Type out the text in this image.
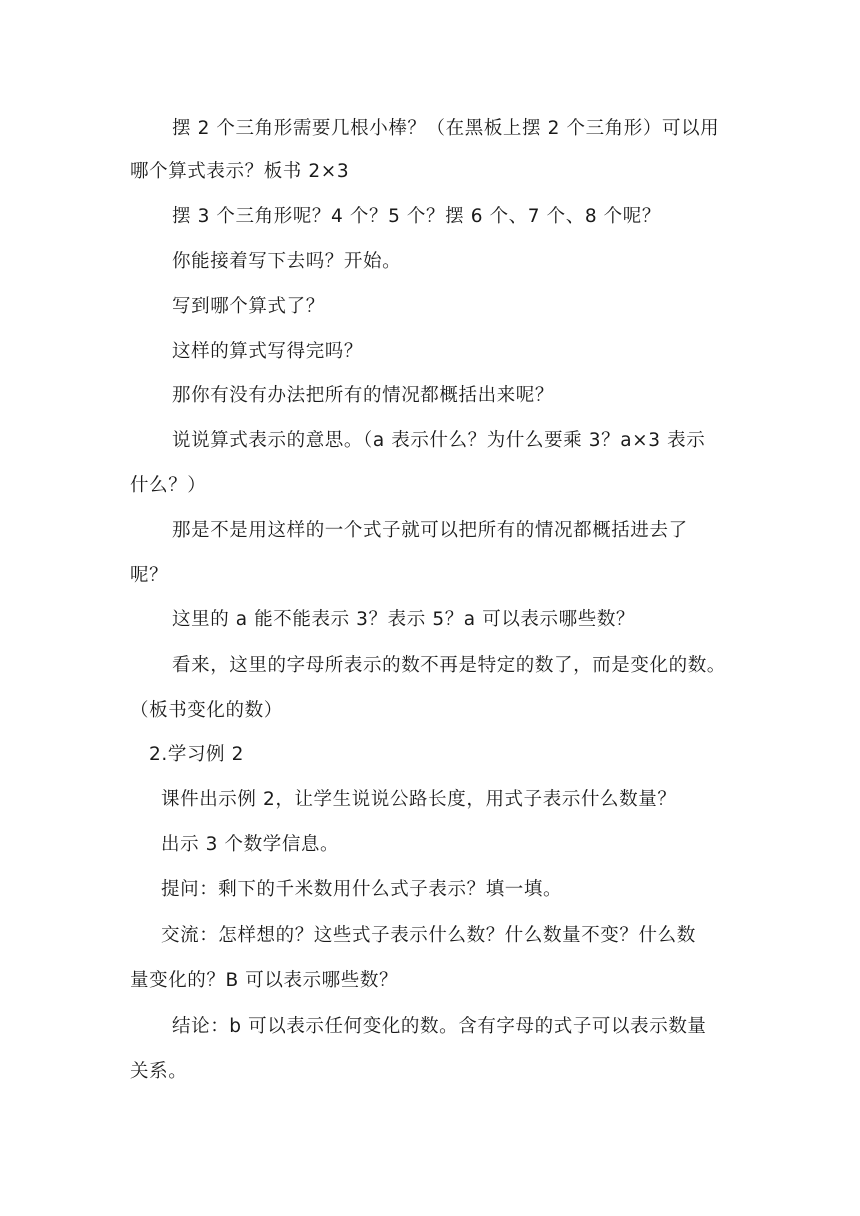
摆 2 个三角形需要几根小棒？（在黑板上摆 2 个三角形）可以用
哪个算式表示？板书 2×3
摆 3 个三角形呢？4 个？5 个？摆 6 个、7 个、8 个呢？
你能接着写下去吗？开始。
写到哪个算式了？
这样的算式写得完吗？
那你有没有办法把所有的情况都概括出来呢？
说说算式表示的意思。（a 表示什么？为什么要乘 3？a×3 表示
什么？）
那是不是用这样的一个式子就可以把所有的情况都概括进去了
呢？
这里的 a 能不能表示 3？表示 5？a 可以表示哪些数？
看来，这里的字母所表示的数不再是特定的数了，而是变化的数。
（板书变化的数）
2.学习例 2
课件出示例 2，让学生说说公路长度，用式子表示什么数量？
出示 3 个数学信息。
提问：剩下的千米数用什么式子表示？填一填。
交流：怎样想的？这些式子表示什么数？什么数量不变？什么数
量变化的？B 可以表示哪些数？
结论：b 可以表示任何变化的数。含有字母的式子可以表示数量
关系。
